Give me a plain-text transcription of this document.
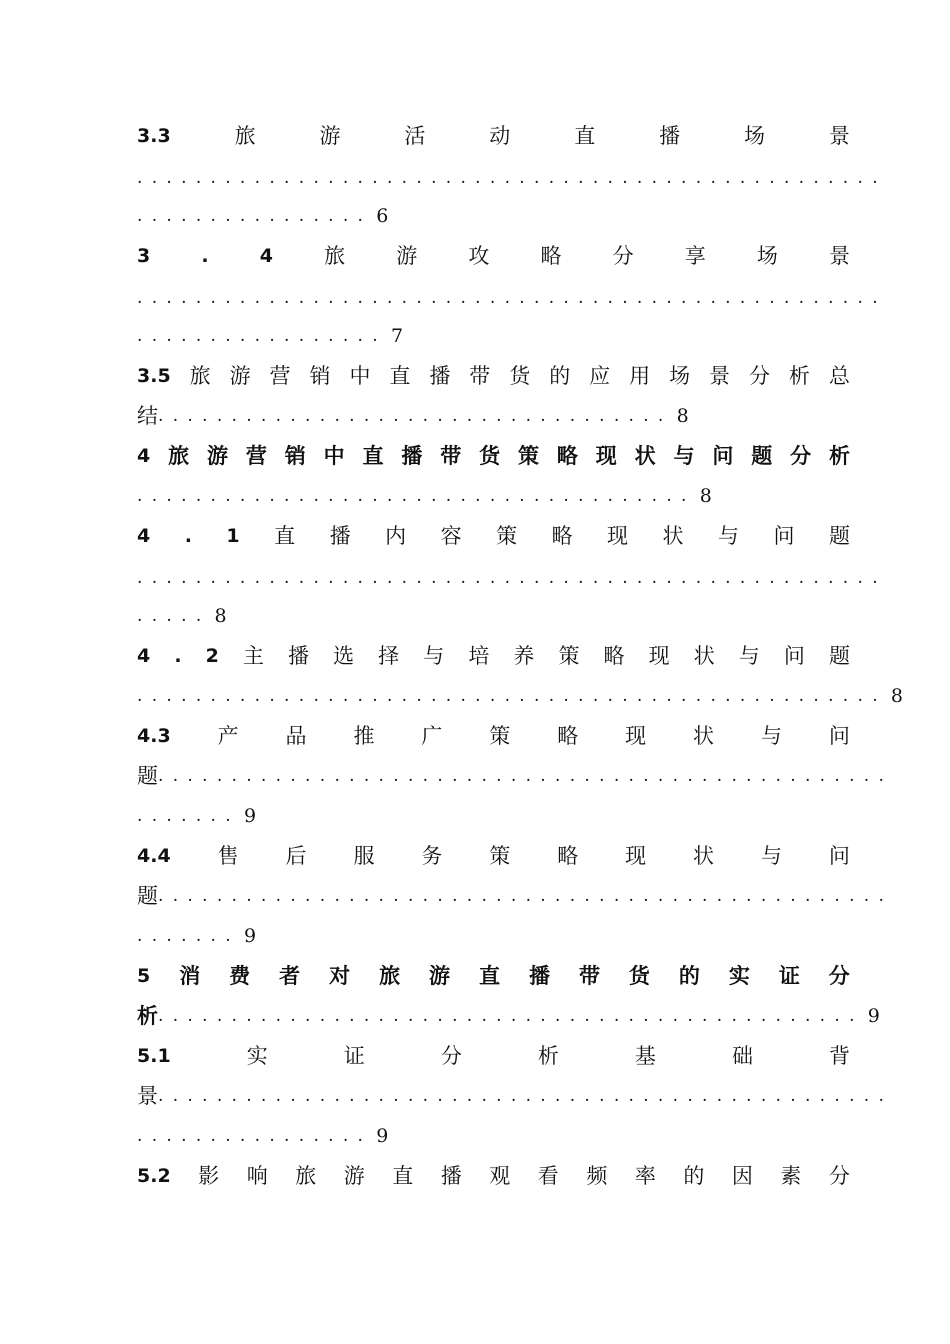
3.3	旅	游	活	动	直	播	场	景
...................................................
................ 6
3	.	4 旅 游 攻 略 分 享 场 景
...................................................
................. 7
3.5 旅 游 营 销 中 直 播 带 货 的 应 用 场 景 分 析 总
结 ................................... 8
4 旅 游 营 销 中 直 播 带 货 策 略 现 状 与 问 题 分 析
...................................... 8
4 . 1 直 播 内 容 策 略 现 状 与 问 题
...................................................
..... 8
4 . 2 主 播 选 择 与 培 养 策 略 现 状 与 问 题
................................................... 8
4.3 产 品 推 广 策 略 现 状 与 问
题 ..................................................
....... 9
4.4 售 后 服 务 策 略 现 状 与 问
题 ..................................................
....... 9
5 消 费 者 对 旅 游 直 播 带 货 的 实 证 分
析 ................................................ 9
5.1	实	证	分	析	基	础	背
景 ..................................................
................ 9
5.2 影 响 旅 游 直 播 观 看 频 率 的 因 素 分
